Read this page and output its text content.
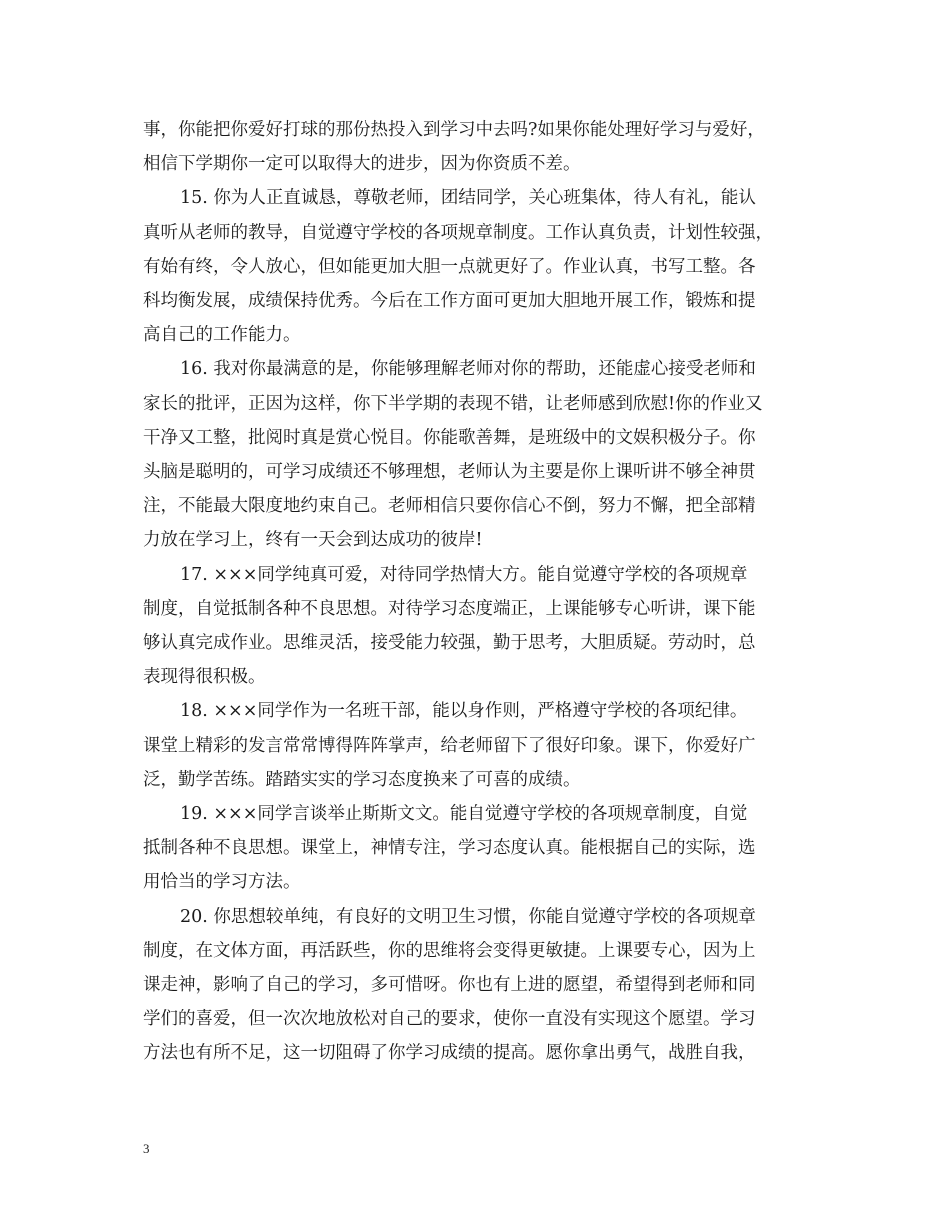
事，你能把你爱好打球的那份热投入到学习中去吗?如果你能处理好学习与爱好，
相信下学期你一定可以取得大的进步，因为你资质不差。
15. 你为人正直诚恳，尊敬老师，团结同学，关心班集体，待人有礼，能认
真听从老师的教导，自觉遵守学校的各项规章制度。工作认真负责，计划性较强，
有始有终，令人放心，但如能更加大胆一点就更好了。作业认真，书写工整。各
科均衡发展，成绩保持优秀。今后在工作方面可更加大胆地开展工作，锻炼和提
高自己的工作能力。
16. 我对你最满意的是，你能够理解老师对你的帮助，还能虚心接受老师和
家长的批评，正因为这样，你下半学期的表现不错，让老师感到欣慰!你的作业又
干净又工整，批阅时真是赏心悦目。你能歌善舞，是班级中的文娱积极分子。你
头脑是聪明的，可学习成绩还不够理想，老师认为主要是你上课听讲不够全神贯
注，不能最大限度地约束自己。老师相信只要你信心不倒，努力不懈，把全部精
力放在学习上，终有一天会到达成功的彼岸!
17. ×××同学纯真可爱，对待同学热情大方。能自觉遵守学校的各项规章
制度，自觉抵制各种不良思想。对待学习态度端正，上课能够专心听讲，课下能
够认真完成作业。思维灵活，接受能力较强，勤于思考，大胆质疑。劳动时，总
表现得很积极。
18. ×××同学作为一名班干部，能以身作则，严格遵守学校的各项纪律。
课堂上精彩的发言常常博得阵阵掌声，给老师留下了很好印象。课下，你爱好广
泛，勤学苦练。踏踏实实的学习态度换来了可喜的成绩。
19. ×××同学言谈举止斯斯文文。能自觉遵守学校的各项规章制度，自觉
抵制各种不良思想。课堂上，神情专注，学习态度认真。能根据自己的实际，选
用恰当的学习方法。
20. 你思想较单纯，有良好的文明卫生习惯，你能自觉遵守学校的各项规章
制度，在文体方面，再活跃些，你的思维将会变得更敏捷。上课要专心，因为上
课走神，影响了自己的学习，多可惜呀。你也有上进的愿望，希望得到老师和同
学们的喜爱，但一次次地放松对自己的要求，使你一直没有实现这个愿望。学习
方法也有所不足，这一切阻碍了你学习成绩的提高。愿你拿出勇气，战胜自我，
3
